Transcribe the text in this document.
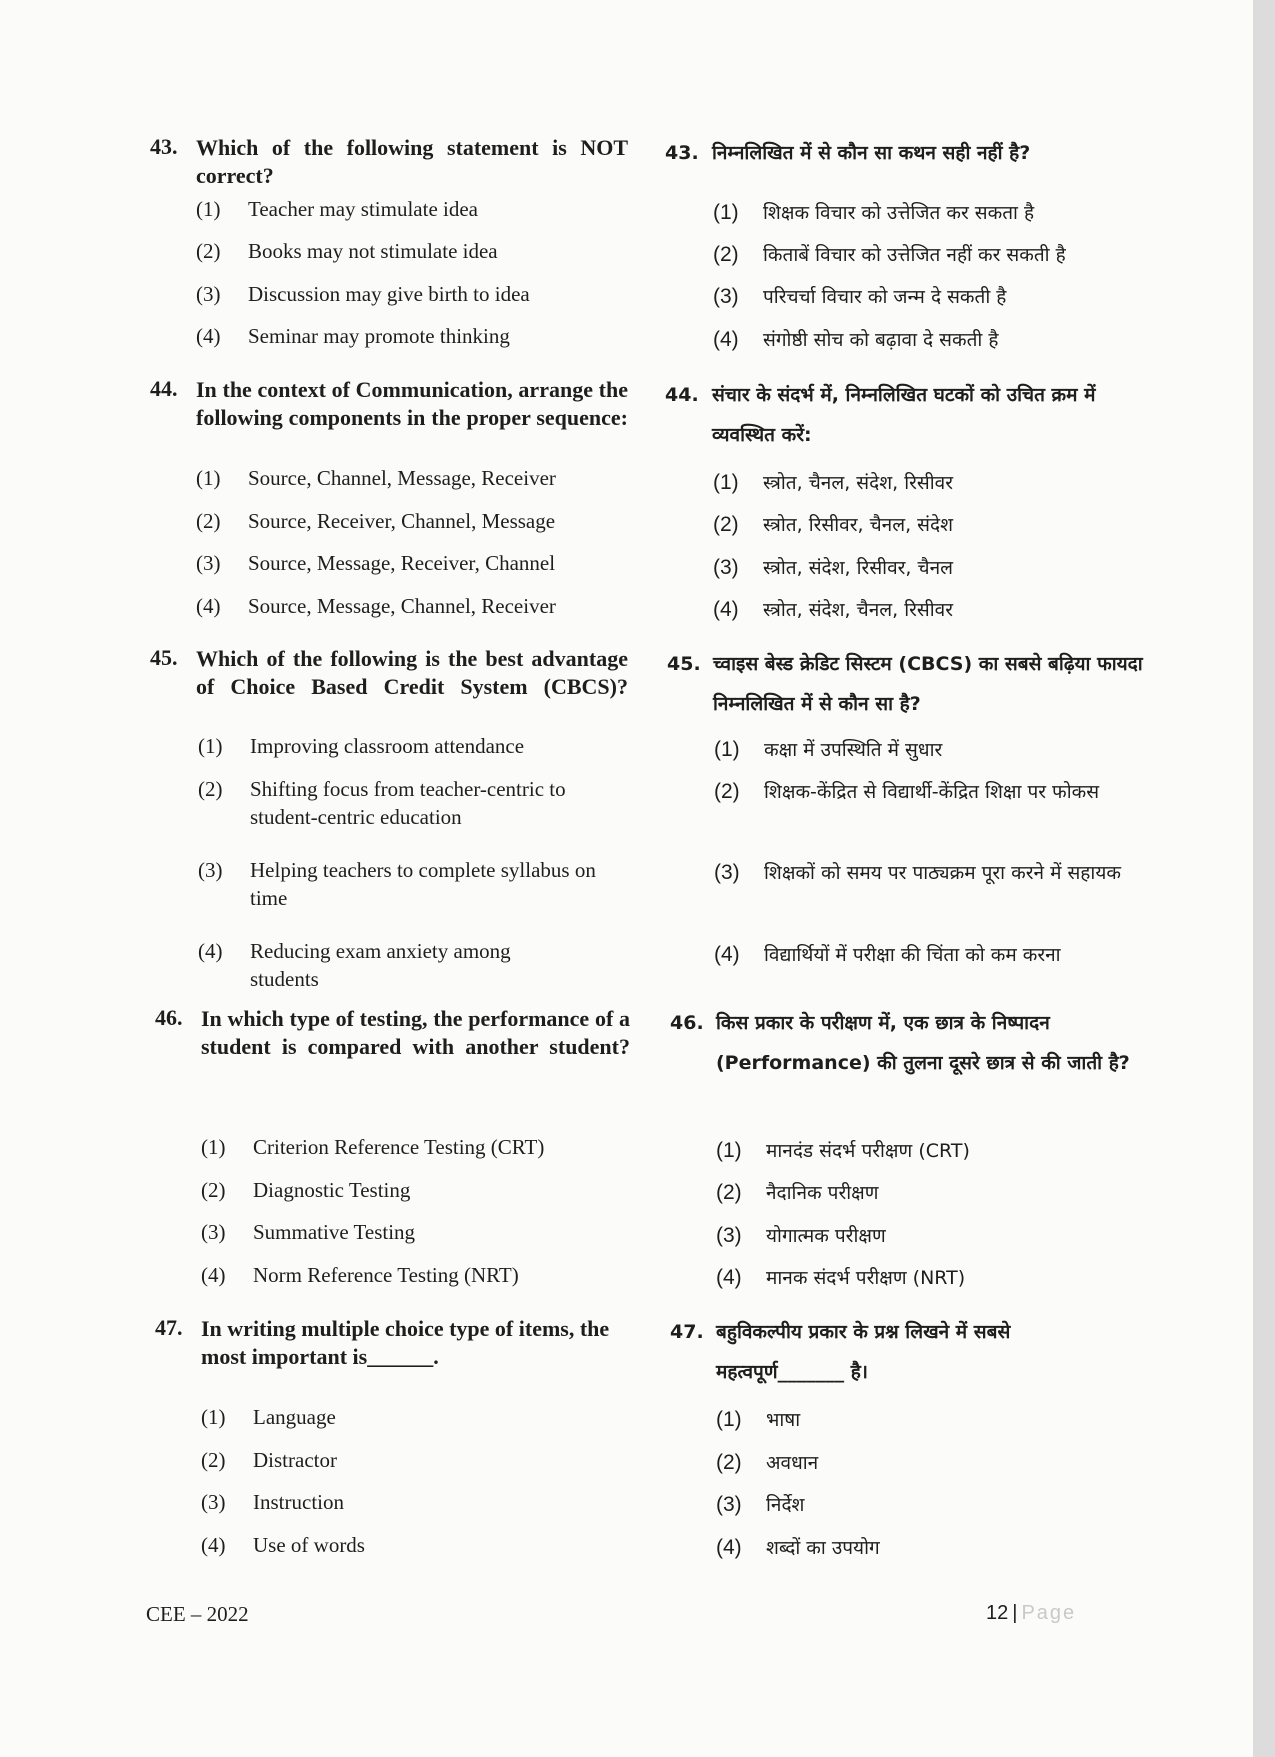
43. Which of the following statement is NOT correct?
(1) Teacher may stimulate idea
(2) Books may not stimulate idea
(3) Discussion may give birth to idea
(4) Seminar may promote thinking
44. In the context of Communication, arrange the following components in the proper sequence:
(1) Source, Channel, Message, Receiver
(2) Source, Receiver, Channel, Message
(3) Source, Message, Receiver, Channel
(4) Source, Message, Channel, Receiver
45. Which of the following is the best advantage of Choice Based Credit System (CBCS)?
(1) Improving classroom attendance
(2) Shifting focus from teacher-centric to student-centric education
(3) Helping teachers to complete syllabus on time
(4) Reducing exam anxiety among students
46. In which type of testing, the performance of a student is compared with another student?
(1) Criterion Reference Testing (CRT)
(2) Diagnostic Testing
(3) Summative Testing
(4) Norm Reference Testing (NRT)
47. In writing multiple choice type of items, the most important is______.
(1) Language
(2) Distractor
(3) Instruction
(4) Use of words
43. निम्नलिखित में से कौन सा कथन सही नहीं है?
(1) शिक्षक विचार को उत्तेजित कर सकता है
(2) किताबें विचार को उत्तेजित नहीं कर सकती है
(3) परिचर्चा विचार को जन्म दे सकती है
(4) संगोष्ठी सोच को बढ़ावा दे सकती है
44. संचार के संदर्भ में, निम्नलिखित घटकों को उचित क्रम में व्यवस्थित करें:
(1) स्त्रोत, चैनल, संदेश, रिसीवर
(2) स्त्रोत, रिसीवर, चैनल, संदेश
(3) स्त्रोत, संदेश, रिसीवर, चैनल
(4) स्त्रोत, संदेश, चैनल, रिसीवर
45. च्वाइस बेस्ड क्रेडिट सिस्टम (CBCS) का सबसे बढ़िया फायदा निम्नलिखित में से कौन सा है?
(1) कक्षा में उपस्थिति में सुधार
(2) शिक्षक-केंद्रित से विद्यार्थी-केंद्रित शिक्षा पर फोकस
(3) शिक्षकों को समय पर पाठ्यक्रम पूरा करने में सहायक
(4) विद्यार्थियों में परीक्षा की चिंता को कम करना
46. किस प्रकार के परीक्षण में, एक छात्र के निष्पादन (Performance) की तुलना दूसरे छात्र से की जाती है?
(1) मानदंड संदर्भ परीक्षण (CRT)
(2) नैदानिक परीक्षण
(3) योगात्मक परीक्षण
(4) मानक संदर्भ परीक्षण (NRT)
47. बहुविकल्पीय प्रकार के प्रश्न लिखने में सबसे महत्वपूर्ण_______ है।
(1) भाषा
(2) अवधान
(3) निर्देश
(4) शब्दों का उपयोग
CEE – 2022	12 | Page
